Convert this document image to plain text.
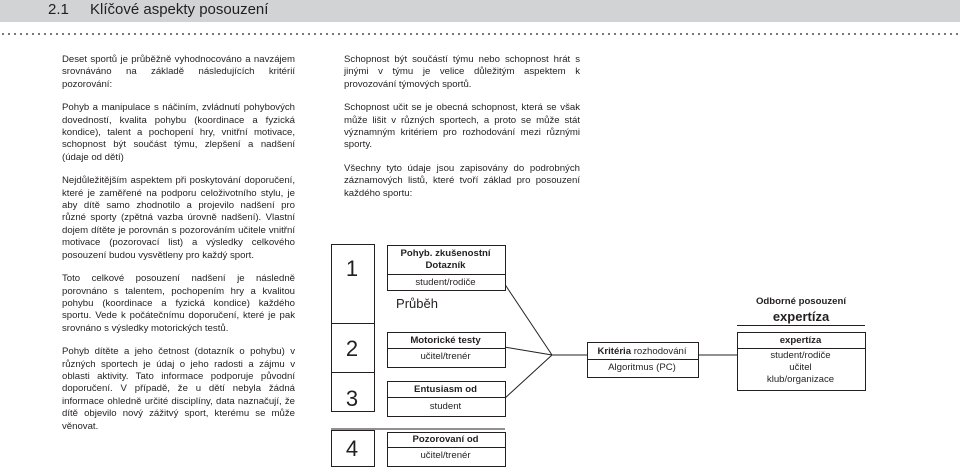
2.1 Klíčové aspekty posouzení

Deset sportů je průběžně vyhodnocováno a navzájem srovnáváno na základě následujících kritérií pozorování:

Pohyb a manipulace s náčiním, zvládnutí pohybových dovedností, kvalita pohybu (koordinace a fyzická kondice), talent a pochopení hry, vnitřní motivace, schopnost být součást týmu, zlepšení a nadšení (údaje od dětí)

Nejdůležitějším aspektem při poskytování doporučení, které je zaměřené na podporu celoživotního stylu, je aby dítě samo zhodnotilo a projevilo nadšení pro různé sporty (zpětná vazba úrovně nadšení). Vlastní dojem dítěte je porovnán s pozorováním učitele vnitřní motivace (pozorovací list) a výsledky celkového posouzení budou vysvětleny pro každý sport.

Toto celkové posouzení nadšení je následně porovnáno s talentem, pochopením hry a kvalitou pohybu (koordinace a fyzická kondice) každého sportu. Vede k počátečnímu doporučení, které je pak srovnáno s výsledky motorických testů.

Pohyb dítěte a jeho četnost (dotazník o pohybu) v různých sportech je údaj o jeho radosti a zájmu v oblasti aktivity. Tato informace podporuje původní doporučení. V případě, že u dětí nebyla žádná informace ohledně určité disciplíny, data naznačují, že dítě objevilo nový zážitvý sport, kterému se může věnovat.

Schopnost být součástí týmu nebo schopnost hrát s jinými v týmu je velice důležitým aspektem k provozování týmových sportů.

Schopnost učit se je obecná schopnost, která se však může lišit v různých sportech, a proto se může stát významným kritériem pro rozhodování mezi různými sporty.

Všechny tyto údaje jsou zapisovány do podrobných záznamových listů, které tvoří základ pro posouzení každého sportu:

1
2
3
4
Pohyb. zkušenostní
Dotazník
student/rodiče
Průběh
Motorické testy
učitel/trenér
Entusiasm od
student
Pozorovaní od
učitel/trenér
Kritéria rozhodování
Algoritmus (PC)
Odborné posouzení
expertíza
expertíza
student/rodiče
učitel
klub/organizace
